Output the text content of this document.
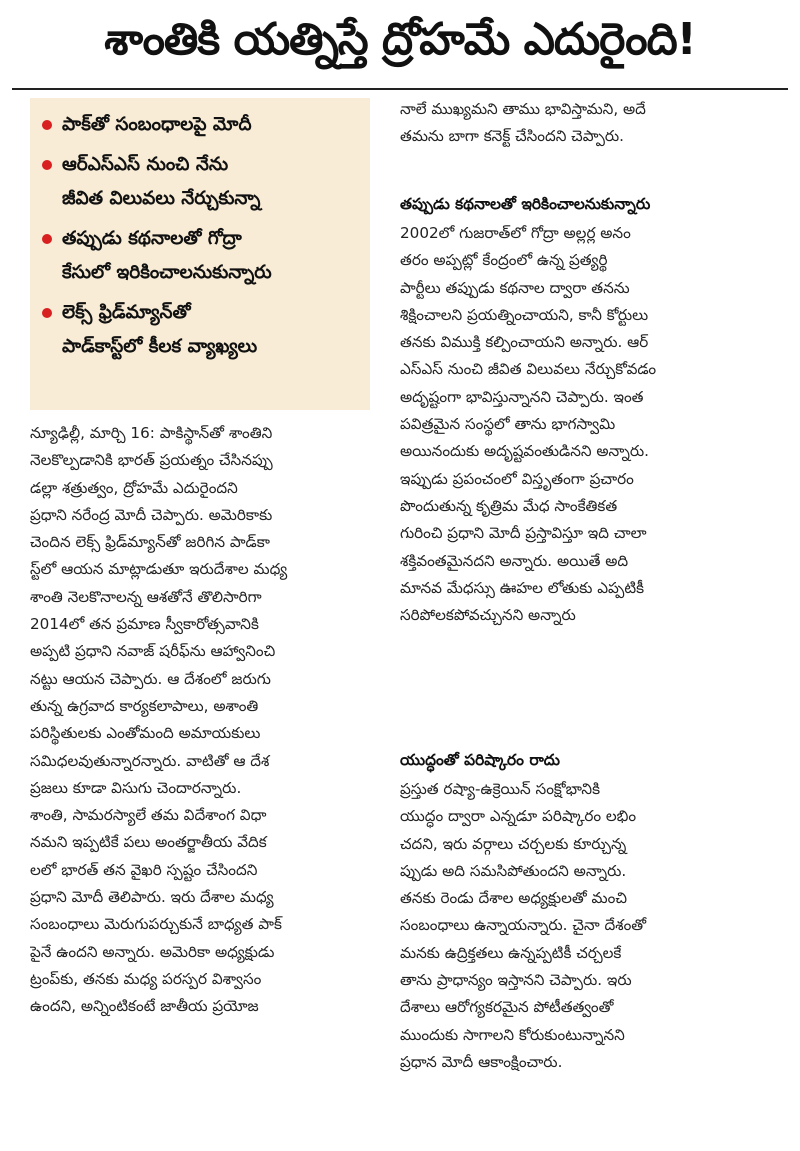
శాంతికి యత్నిస్తే ద్రోహమే ఎదురైంది!
పాక్‌తో సంబంధాలపై మోదీ
ఆర్ఎస్ఎస్ నుంచి నేను
జీవిత విలువలు నేర్చుకున్నా
తప్పుడు కథనాలతో గోద్రా
కేసులో ఇరికించాలనుకున్నారు
లెక్స్ ఫ్రిడ్‌మ్యాన్‌తో
పాడ్‌కాస్ట్‌లో కీలక వ్యాఖ్యలు
న్యూఢిల్లీ, మార్చి 16: పాకిస్థాన్‌తో శాంతిని
నెలకొల్పడానికి భారత్ ప్రయత్నం చేసినప్పు
డల్లా శత్రుత్వం, ద్రోహమే ఎదురైందని
ప్రధాని నరేంద్ర మోదీ చెప్పారు. అమెరికాకు
చెందిన లెక్స్ ఫ్రిడ్‌మ్యాన్‌తో జరిగిన పాడ్‌కా
స్ట్‌లో ఆయన మాట్లాడుతూ ఇరుదేశాల మధ్య
శాంతి నెలకొనాలన్న ఆశతోనే తొలిసారిగా
2014లో తన ప్రమాణ స్వీకారోత్సవానికి
అప్పటి ప్రధాని నవాజ్ షరీఫ్‌ను ఆహ్వానించి
నట్టు ఆయన చెప్పారు. ఆ దేశంలో జరుగు
తున్న ఉగ్రవాద కార్యకలాపాలు, అశాంతి
పరిస్థితులకు ఎంతోమంది అమాయకులు
సమిధలవుతున్నారన్నారు. వాటితో ఆ దేశ
ప్రజలు కూడా విసుగు చెందారన్నారు.
శాంతి, సామరస్యాలే తమ విదేశాంగ విధా
నమని ఇప్పటికే పలు అంతర్జాతీయ వేదిక
లలో భారత్ తన వైఖరి స్పష్టం చేసిందని
ప్రధాని మోదీ తెలిపారు. ఇరు దేశాల మధ్య
సంబంధాలు మెరుగుపర్చుకునే బాధ్యత పాక్
పైనే ఉందని అన్నారు. అమెరికా అధ్యక్షుడు
ట్రంప్‌కు, తనకు మధ్య పరస్పర విశ్వాసం
ఉందని, అన్నింటికంటే జాతీయ ప్రయోజ
నాలే ముఖ్యమని తాము భావిస్తామని, అదే
తమను బాగా కనెక్ట్ చేసిందని చెప్పారు.
తప్పుడు కథనాలతో ఇరికించాలనుకున్నారు
2002లో గుజరాత్‌లో గోద్రా అల్లర్ల అనం
తరం అప్పట్లో కేంద్రంలో ఉన్న ప్రత్యర్థి
పార్టీలు తప్పుడు కథనాల ద్వారా తనను
శిక్షించాలని ప్రయత్నించాయని, కానీ కోర్టులు
తనకు విముక్తి కల్పించాయని అన్నారు. ఆర్
ఎస్ఎస్ నుంచి జీవిత విలువలు నేర్చుకోవడం
అదృష్టంగా భావిస్తున్నానని చెప్పారు. ఇంత
పవిత్రమైన సంస్థలో తాను భాగస్వామి
అయినందుకు అదృష్టవంతుడినని అన్నారు.
ఇప్పుడు ప్రపంచంలో విస్తృతంగా ప్రచారం
పొందుతున్న కృత్రిమ మేధ సాంకేతికత
గురించి ప్రధాని మోదీ ప్రస్తావిస్తూ ఇది చాలా
శక్తివంతమైనదని అన్నారు. అయితే అది
మానవ మేధస్సు ఊహల లోతుకు ఎప్పటికీ
సరిపోలకపోవచ్చునని అన్నారు
యుద్ధంతో పరిష్కారం రాదు
ప్రస్తుత రష్యా-ఉక్రెయిన్ సంక్షోభానికి
యుద్ధం ద్వారా ఎన్నడూ పరిష్కారం లభిం
చదని, ఇరు వర్గాలు చర్చలకు కూర్చున్న
ప్పుడు అది సమసిపోతుందని అన్నారు.
తనకు రెండు దేశాల అధ్యక్షులతో మంచి
సంబంధాలు ఉన్నాయన్నారు. చైనా దేశంతో
మనకు ఉద్రిక్తతలు ఉన్నప్పటికీ చర్చలకే
తాను ప్రాధాన్యం ఇస్తానని చెప్పారు. ఇరు
దేశాలు ఆరోగ్యకరమైన పోటీతత్వంతో
ముందుకు సాగాలని కోరుకుంటున్నానని
ప్రధాన మోదీ ఆకాంక్షించారు.
